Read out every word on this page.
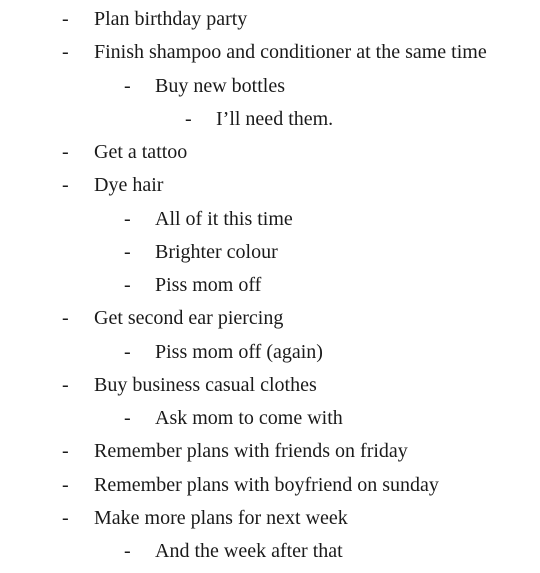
- Plan birthday party
- Finish shampoo and conditioner at the same time
- Buy new bottles
- I’ll need them.
- Get a tattoo
- Dye hair
- All of it this time
- Brighter colour
- Piss mom off
- Get second ear piercing
- Piss mom off (again)
- Buy business casual clothes
- Ask mom to come with
- Remember plans with friends on friday
- Remember plans with boyfriend on sunday
- Make more plans for next week
- And the week after that
